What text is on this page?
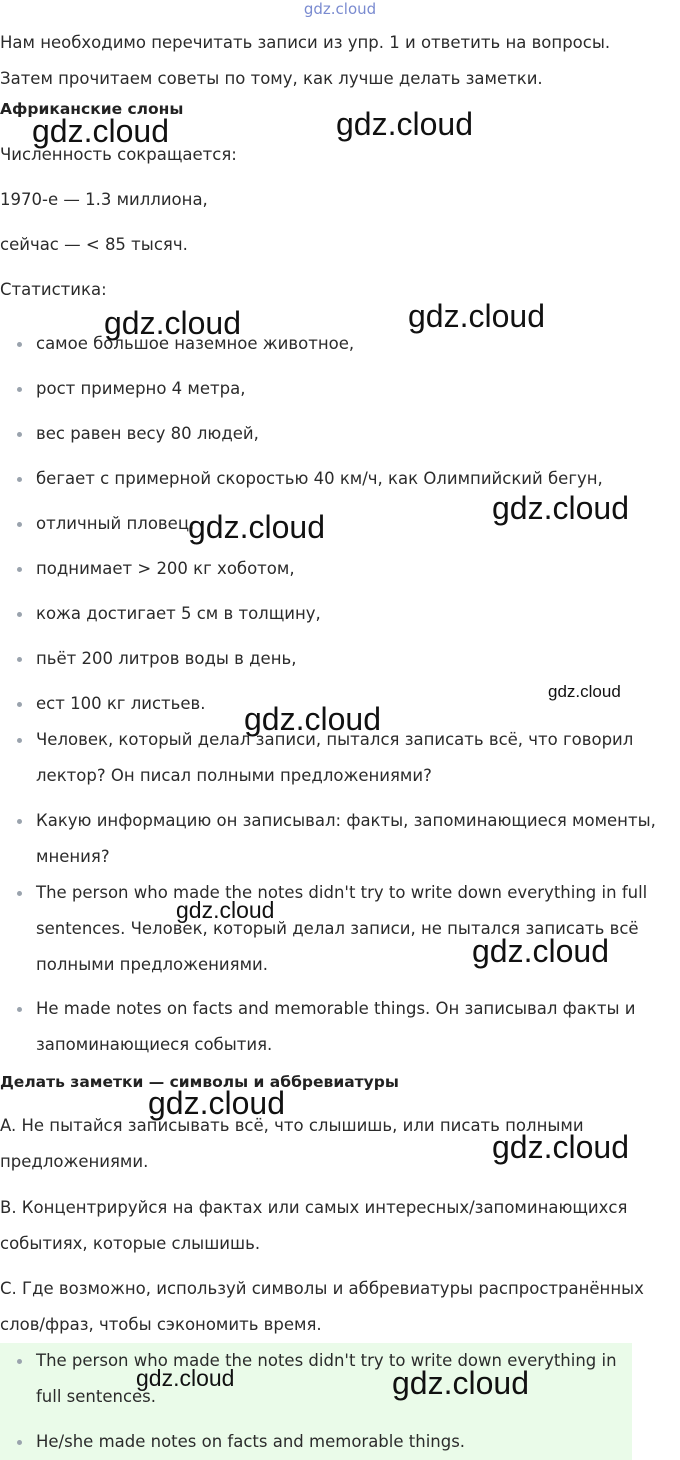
gdz.cloud

Нам необходимо перечитать записи из упр. 1 и ответить на вопросы. Затем прочитаем советы по тому, как лучше делать заметки.

Африканские слоны

Численность сокращается:

1970-е — 1.3 миллиона,

сейчас — < 85 тысяч.

Статистика:

самое большое наземное животное,
рост примерно 4 метра,
вес равен весу 80 людей,
бегает с примерной скоростью 40 км/ч, как Олимпийский бегун,
отличный пловец,
поднимает > 200 кг хоботом,
кожа достигает 5 см в толщину,
пьёт 200 литров воды в день,
ест 100 кг листьев.
Человек, который делал записи, пытался записать всё, что говорил лектор? Он писал полными предложениями?
Какую информацию он записывал: факты, запоминающиеся моменты, мнения?
The person who made the notes didn't try to write down everything in full sentences. Человек, который делал записи, не пытался записать всё полными предложениями.
He made notes on facts and memorable things. Он записывал факты и запоминающиеся события.

Делать заметки — символы и аббревиатуры

A. Не пытайся записывать всё, что слышишь, или писать полными предложениями.

B. Концентрируйся на фактах или самых интересных/запоминающихся событиях, которые слышишь.

C. Где возможно, используй символы и аббревиатуры распространённых слов/фраз, чтобы сэкономить время.

The person who made the notes didn't try to write down everything in full sentences.
He/she made notes on facts and memorable things.
gdz.cloud	gdz.cloud
gdz.cloud	gdz.cloud
gdz.cloud
gdz.cloud
gdz.cloud
gdz.cloud
gdz.cloud
gdz.cloud
gdz.cloud
gdz.cloud
gdz.cloud	gdz.cloud
